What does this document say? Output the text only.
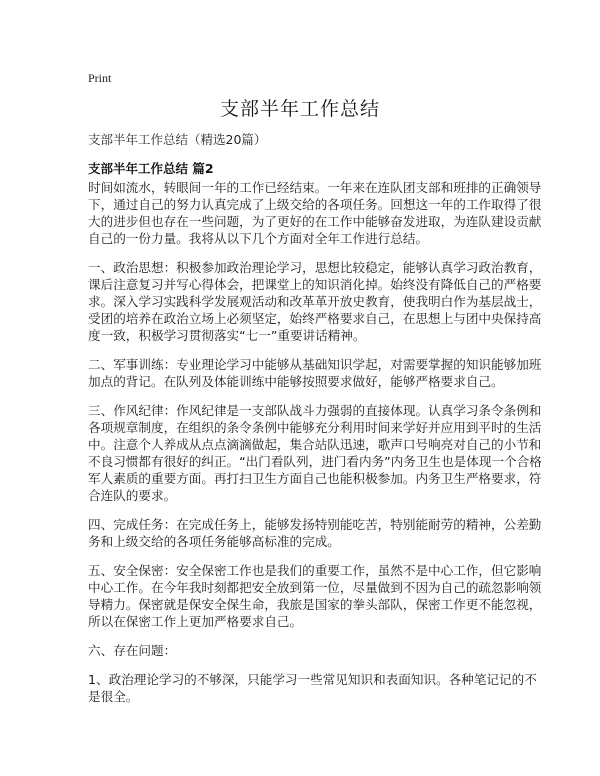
Print
支部半年工作总结
支部半年工作总结（精选20篇）
支部半年工作总结 篇2

时间如流水，转眼间一年的工作已经结束。一年来在连队团支部和班排的正确领导
下，通过自己的努力认真完成了上级交给的各项任务。回想这一年的工作取得了很
大的进步但也存在一些问题，为了更好的在工作中能够奋发进取，为连队建设贡献
自己的一份力量。我将从以下几个方面对全年工作进行总结。

一、政治思想：积极参加政治理论学习，思想比较稳定，能够认真学习政治教育，
课后注意复习并写心得体会，把课堂上的知识消化掉。始终没有降低自己的严格要
求。深入学习实践科学发展观活动和改革革开放史教育，使我明白作为基层战士，
受团的培养在政治立场上必须坚定，始终严格要求自己，在思想上与团中央保持高
度一致，积极学习贯彻落实“七一”重要讲话精神。

二、军事训练：专业理论学习中能够从基础知识学起，对需要掌握的知识能够加班
加点的背记。在队列及体能训练中能够按照要求做好，能够严格要求自己。

三、作风纪律：作风纪律是一支部队战斗力强弱的直接体现。认真学习条令条例和
各项规章制度，在组织的条令条例中能够充分利用时间来学好并应用到平时的生活
中。注意个人养成从点点滴滴做起，集合站队迅速，歌声口号响亮对自己的小节和
不良习惯都有很好的纠正。“出门看队列，进门看内务”内务卫生也是体现一个合格
军人素质的重要方面。再打扫卫生方面自己也能积极参加。内务卫生严格要求，符
合连队的要求。

四、完成任务：在完成任务上，能够发扬特别能吃苦，特别能耐劳的精神，公差勤
务和上级交给的各项任务能够高标准的完成。

五、安全保密：安全保密工作也是我们的重要工作，虽然不是中心工作，但它影响
中心工作。在今年我时刻都把安全放到第一位，尽量做到不因为自己的疏忽影响领
导精力。保密就是保安全保生命，我旅是国家的拳头部队，保密工作更不能忽视，
所以在保密工作上更加严格要求自己。

六、存在问题：

1、政治理论学习的不够深，只能学习一些常见知识和表面知识。各种笔记记的不
是很全。
